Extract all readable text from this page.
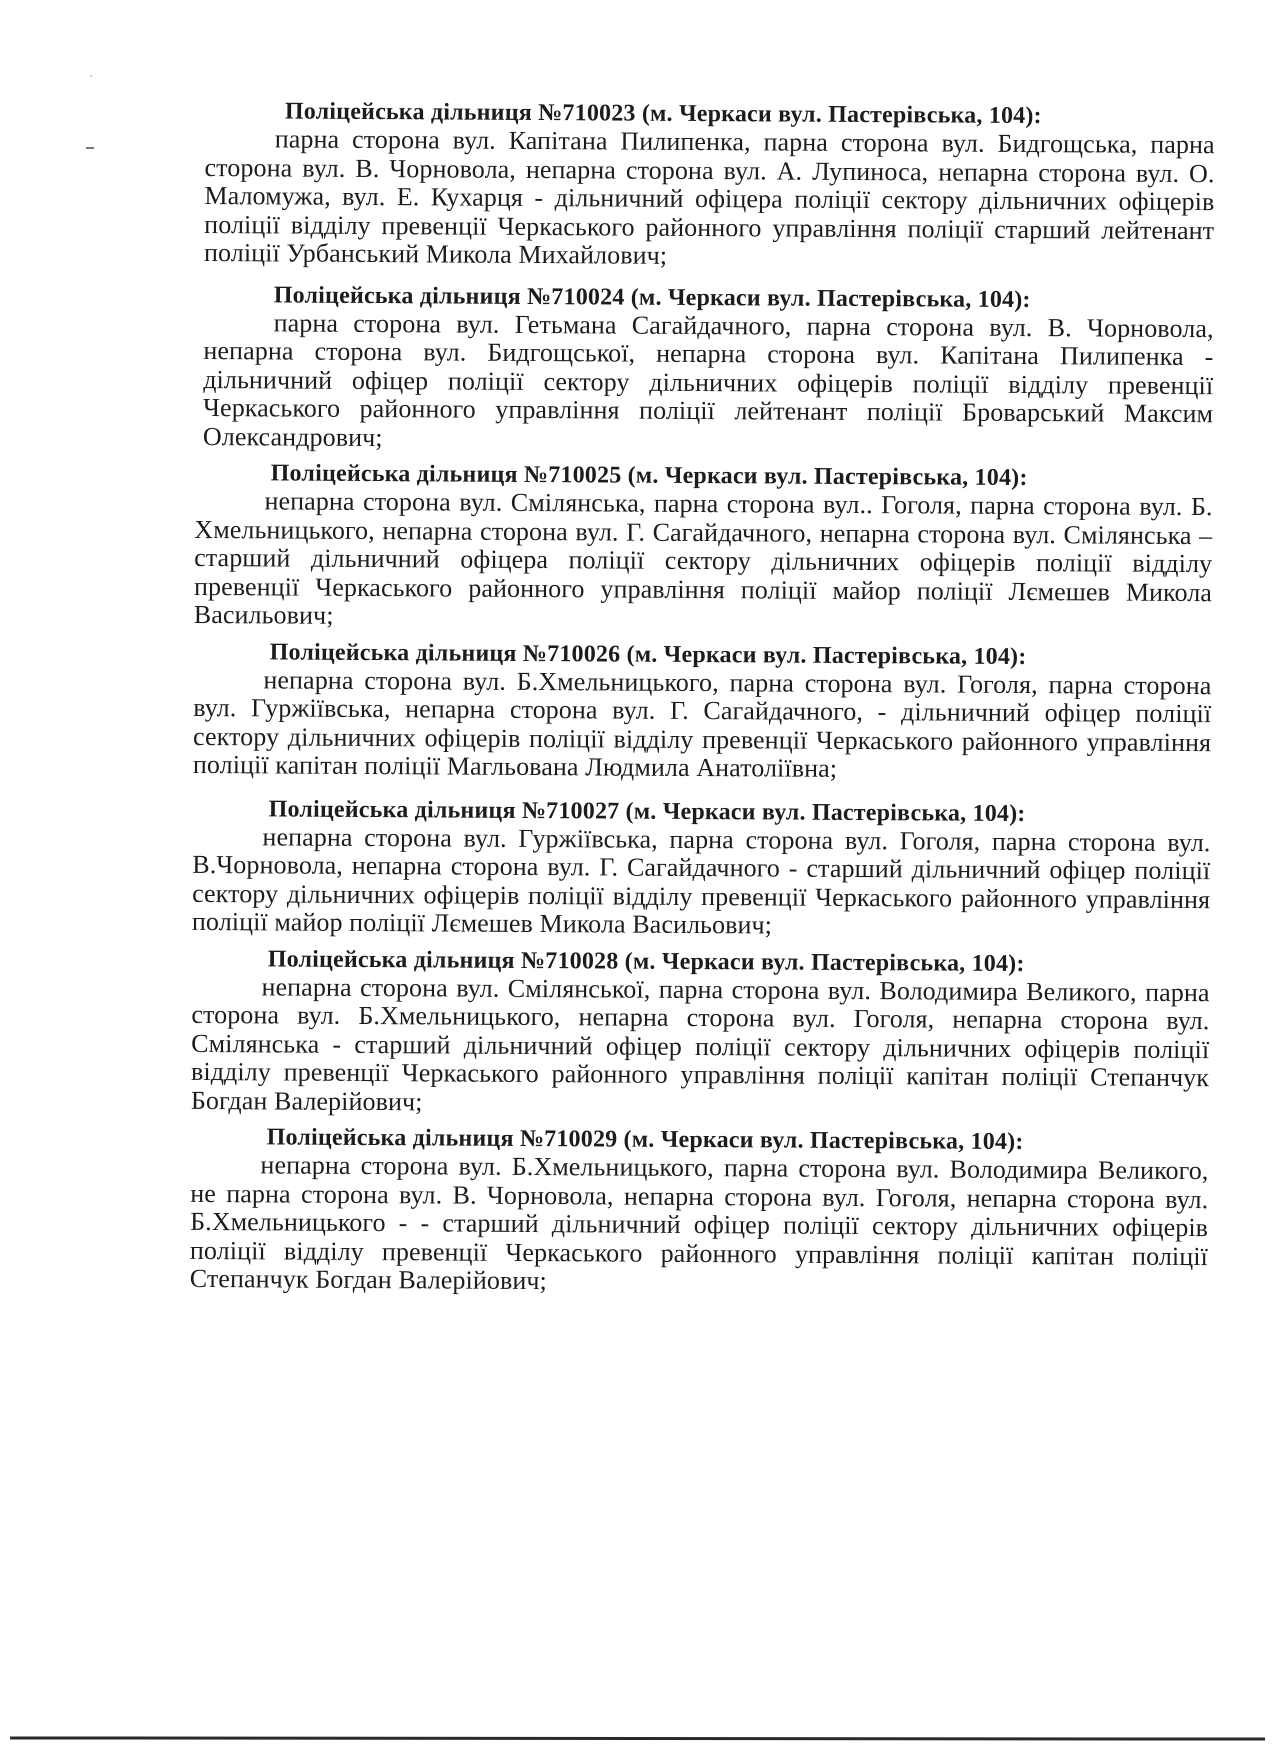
Поліцейська дільниця №710023 (м. Черкаси вул. Пастерівська, 104):

парна сторона вул. Капітана Пилипенка, парна сторона вул. Бидгощська, парна сторона вул. В. Чорновола, непарна сторона вул. А. Лупиноса, непарна сторона вул. О. Маломужа, вул. Е. Кухарця - дільничний офіцера поліції сектору дільничних офіцерів поліції відділу превенції Черкаського районного управління поліції старший лейтенант поліції Урбанський Микола Михайлович;

Поліцейська дільниця №710024 (м. Черкаси вул. Пастерівська, 104):

парна сторона вул. Гетьмана Сагайдачного, парна сторона вул. В. Чорновола, непарна сторона вул. Бидгощської, непарна сторона вул. Капітана Пилипенка - дільничний офіцер поліції сектору дільничних офіцерів поліції відділу превенції Черкаського районного управління поліції лейтенант поліції Броварський Максим Олександрович;

Поліцейська дільниця №710025 (м. Черкаси вул. Пастерівська, 104):

непарна сторона вул. Смілянська, парна сторона вул.. Гоголя, парна сторона вул. Б. Хмельницького, непарна сторона вул. Г. Сагайдачного, непарна сторона вул. Смілянська – старший дільничний офіцера поліції сектору дільничних офіцерів поліції відділу превенції Черкаського районного управління поліції майор поліції Лємешев Микола Васильович;

Поліцейська дільниця №710026 (м. Черкаси вул. Пастерівська, 104):

непарна сторона вул. Б.Хмельницького, парна сторона вул. Гоголя, парна сторона вул. Гуржіївська, непарна сторона вул. Г. Сагайдачного, - дільничний офіцер поліції сектору дільничних офіцерів поліції відділу превенції Черкаського районного управління поліції капітан поліції Магльована Людмила Анатоліївна;

Поліцейська дільниця №710027 (м. Черкаси вул. Пастерівська, 104):

непарна сторона вул. Гуржіївська, парна сторона вул. Гоголя, парна сторона вул. В.Чорновола, непарна сторона вул. Г. Сагайдачного - старший дільничний офіцер поліції сектору дільничних офіцерів поліції відділу превенції Черкаського районного управління поліції майор поліції Лємешев Микола Васильович;

Поліцейська дільниця №710028 (м. Черкаси вул. Пастерівська, 104):

непарна сторона вул. Смілянської, парна сторона вул. Володимира Великого, парна сторона вул. Б.Хмельницького, непарна сторона вул. Гоголя, непарна сторона вул. Смілянська - старший дільничний офіцер поліції сектору дільничних офіцерів поліції відділу превенції Черкаського районного управління поліції капітан поліції Степанчук Богдан Валерійович;

Поліцейська дільниця №710029 (м. Черкаси вул. Пастерівська, 104):

непарна сторона вул. Б.Хмельницького, парна сторона вул. Володимира Великого, не парна сторона вул. В. Чорновола, непарна сторона вул. Гоголя, непарна сторона вул. Б.Хмельницького - - старший дільничний офіцер поліції сектору дільничних офіцерів поліції відділу превенції Черкаського районного управління поліції капітан поліції Степанчук Богдан Валерійович;
